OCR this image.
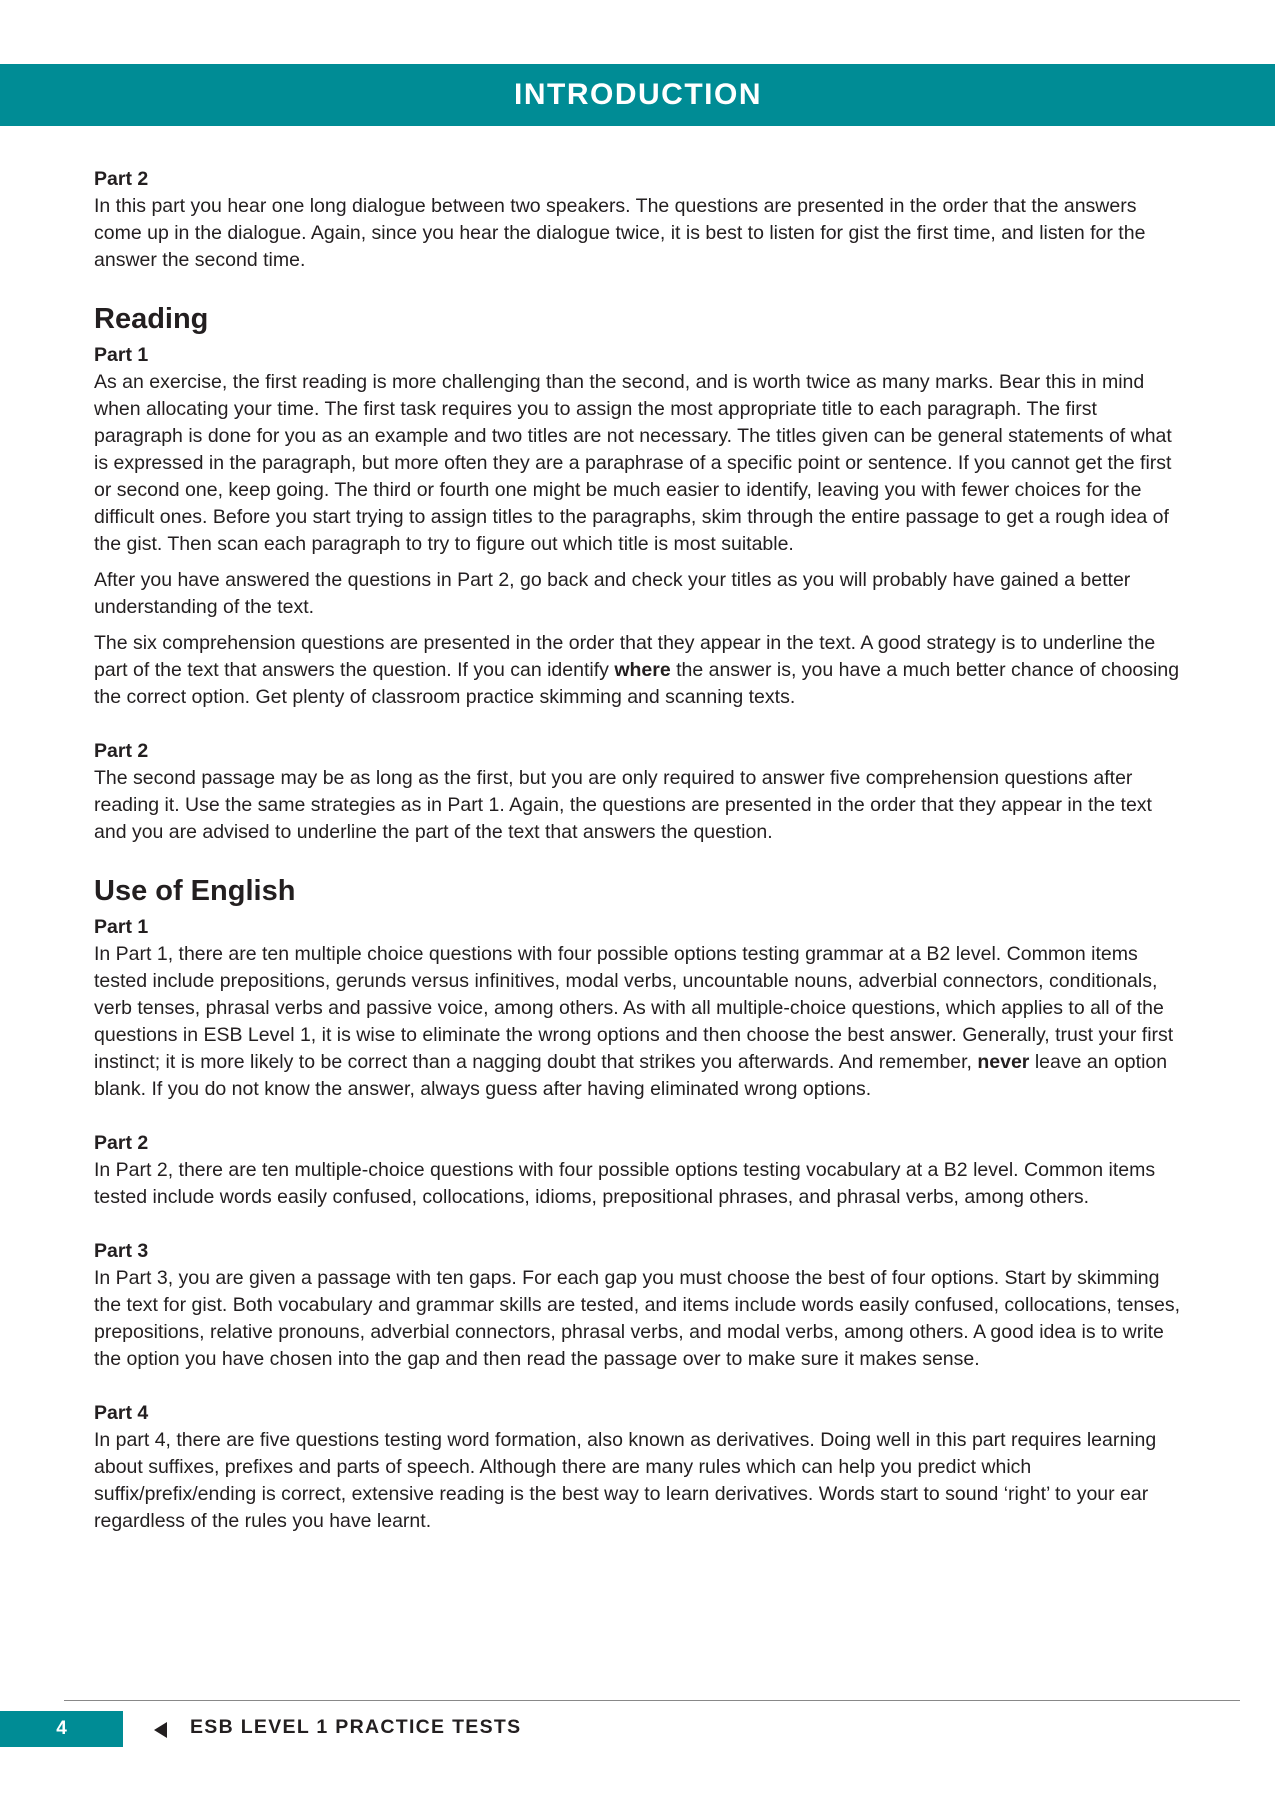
INTRODUCTION

Part 2

In this part you hear one long dialogue between two speakers. The questions are presented in the order that the answers come up in the dialogue. Again, since you hear the dialogue twice, it is best to listen for gist the first time, and listen for the answer the second time.

Reading

Part 1

As an exercise, the first reading is more challenging than the second, and is worth twice as many marks. Bear this in mind when allocating your time. The first task requires you to assign the most appropriate title to each paragraph. The first paragraph is done for you as an example and two titles are not necessary. The titles given can be general statements of what is expressed in the paragraph, but more often they are a paraphrase of a specific point or sentence. If you cannot get the first or second one, keep going. The third or fourth one might be much easier to identify, leaving you with fewer choices for the difficult ones. Before you start trying to assign titles to the paragraphs, skim through the entire passage to get a rough idea of the gist. Then scan each paragraph to try to figure out which title is most suitable.

After you have answered the questions in Part 2, go back and check your titles as you will probably have gained a better understanding of the text.

The six comprehension questions are presented in the order that they appear in the text. A good strategy is to underline the part of the text that answers the question. If you can identify where the answer is, you have a much better chance of choosing the correct option. Get plenty of classroom practice skimming and scanning texts.

Part 2

The second passage may be as long as the first, but you are only required to answer five comprehension questions after reading it. Use the same strategies as in Part 1. Again, the questions are presented in the order that they appear in the text and you are advised to underline the part of the text that answers the question.

Use of English

Part 1

In Part 1, there are ten multiple choice questions with four possible options testing grammar at a B2 level. Common items tested include prepositions, gerunds versus infinitives, modal verbs, uncountable nouns, adverbial connectors, conditionals, verb tenses, phrasal verbs and passive voice, among others. As with all multiple-choice questions, which applies to all of the questions in ESB Level 1, it is wise to eliminate the wrong options and then choose the best answer. Generally, trust your first instinct; it is more likely to be correct than a nagging doubt that strikes you afterwards. And remember, never leave an option blank. If you do not know the answer, always guess after having eliminated wrong options.

Part 2

In Part 2, there are ten multiple-choice questions with four possible options testing vocabulary at a B2 level. Common items tested include words easily confused, collocations, idioms, prepositional phrases, and phrasal verbs, among others.

Part 3

In Part 3, you are given a passage with ten gaps. For each gap you must choose the best of four options. Start by skimming the text for gist. Both vocabulary and grammar skills are tested, and items include words easily confused, collocations, tenses, prepositions, relative pronouns, adverbial connectors, phrasal verbs, and modal verbs, among others. A good idea is to write the option you have chosen into the gap and then read the passage over to make sure it makes sense.

Part 4

In part 4, there are five questions testing word formation, also known as derivatives. Doing well in this part requires learning about suffixes, prefixes and parts of speech. Although there are many rules which can help you predict which suffix/prefix/ending is correct, extensive reading is the best way to learn derivatives. Words start to sound ‘right’ to your ear regardless of the rules you have learnt.

4	ESB LEVEL 1 PRACTICE TESTS
